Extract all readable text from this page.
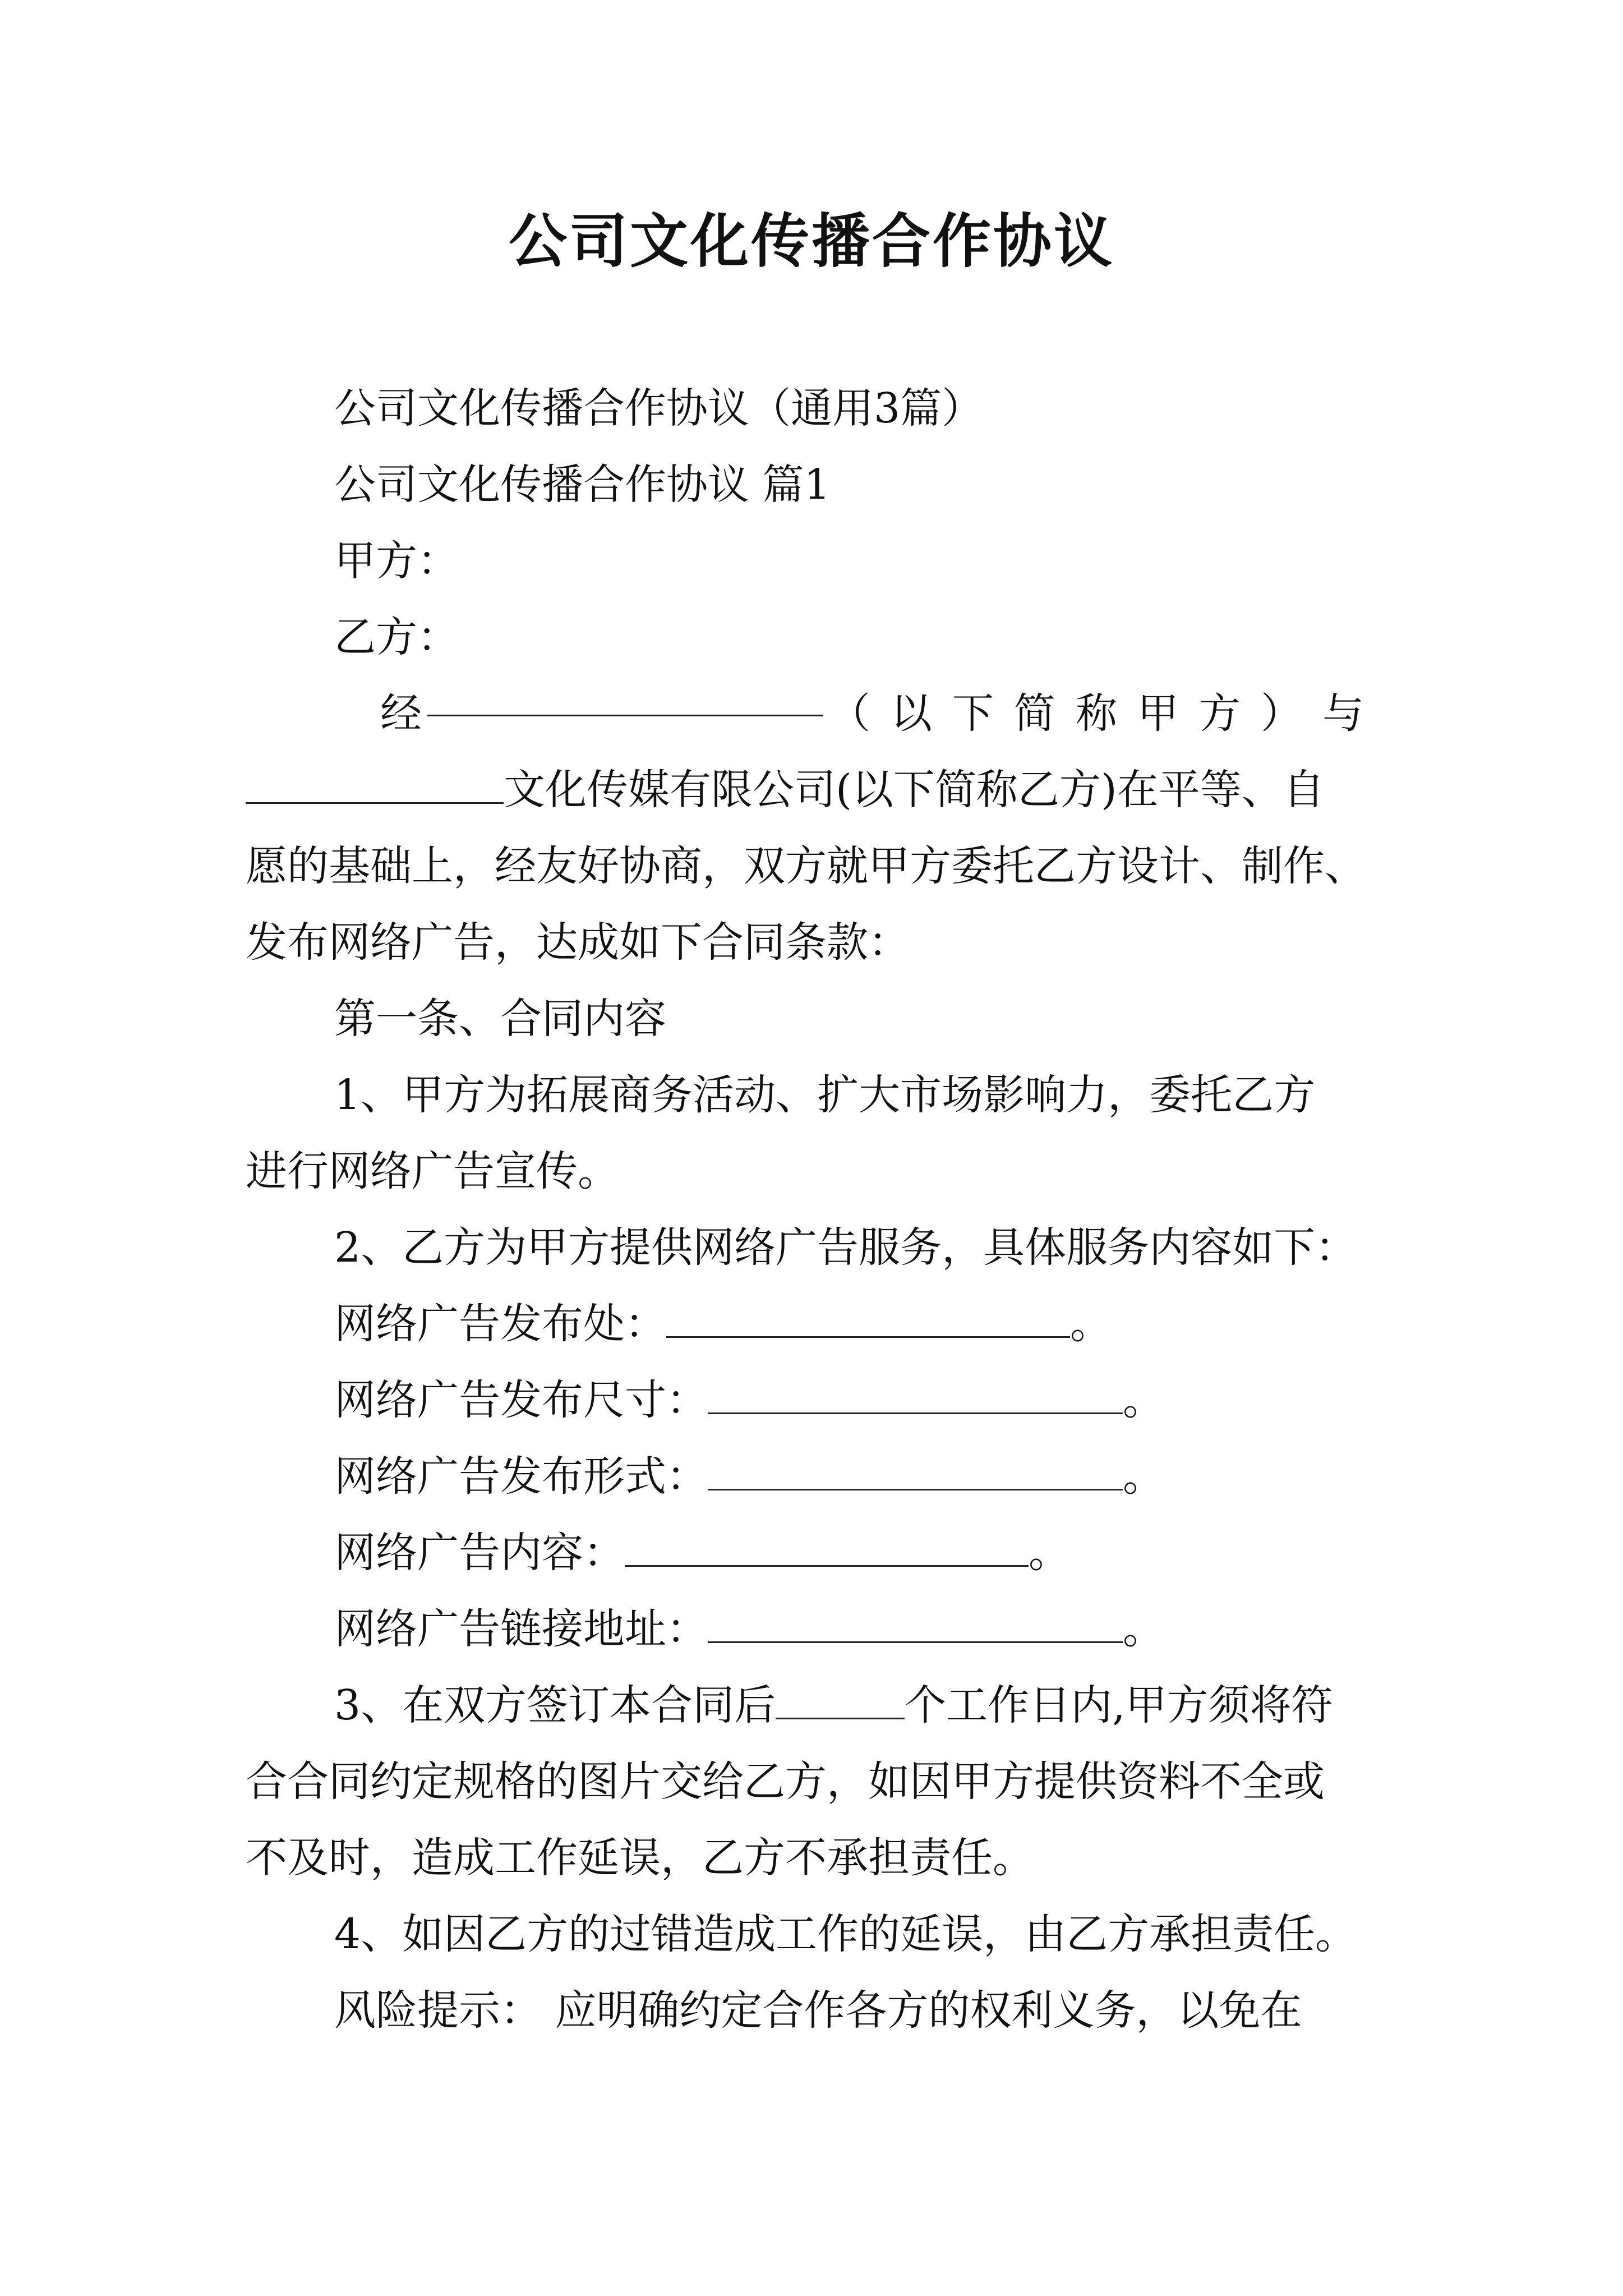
公司文化传播合作协议

公司文化传播合作协议（通用3篇）

公司文化传播合作协议 篇1

甲方：

乙方：

经	（以下简称甲方）与

文化传媒有限公司(以下简称乙方)在平等、自

愿的基础上，经友好协商，双方就甲方委托乙方设计、制作、

发布网络广告，达成如下合同条款：

第一条、合同内容

1、甲方为拓展商务活动、扩大市场影响力，委托乙方

进行网络广告宣传。

2、乙方为甲方提供网络广告服务，具体服务内容如下：

网络广告发布处：	。

网络广告发布尺寸：	。

网络广告发布形式：	。

网络广告内容：	。

网络广告链接地址：	。

3、在双方签订本合同后	个工作日内,甲方须将符

合合同约定规格的图片交给乙方，如因甲方提供资料不全或

不及时，造成工作延误，乙方不承担责任。

4、如因乙方的过错造成工作的延误，由乙方承担责任。

风险提示： 应明确约定合作各方的权利义务，以免在
